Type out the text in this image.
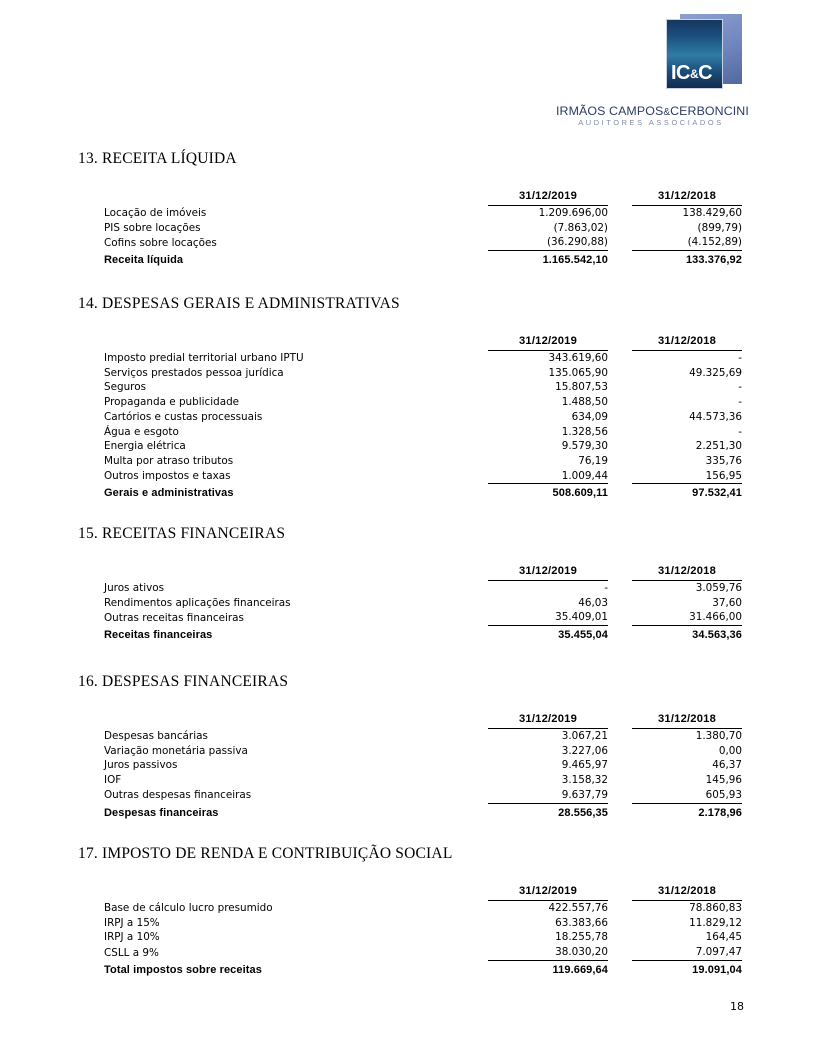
IC&C
IRMÃOS CAMPOS&CERBONCINI
AUDITORES ASSOCIADOS
13. RECEITA LÍQUIDA
	31/12/2019		31/12/2018
Locação de imóveis	1.209.696,00		138.429,60
PIS sobre locações	(7.863,02)		(899,79)
Cofins sobre locações	(36.290,88)		(4.152,89)
Receita líquida	1.165.542,10		133.376,92
14. DESPESAS GERAIS E ADMINISTRATIVAS
	31/12/2019		31/12/2018
Imposto predial territorial urbano IPTU	343.619,60		-
Serviços prestados pessoa jurídica	135.065,90		49.325,69
Seguros	15.807,53		-
Propaganda e publicidade	1.488,50		-
Cartórios e custas processuais	634,09		44.573,36
Água e esgoto	1.328,56		-
Energia elétrica	9.579,30		2.251,30
Multa por atraso tributos	76,19		335,76
Outros impostos e taxas	1.009,44		156,95
Gerais e administrativas	508.609,11		97.532,41
15. RECEITAS FINANCEIRAS
	31/12/2019		31/12/2018
Juros ativos	-		3.059,76
Rendimentos aplicações financeiras	46,03		37,60
Outras receitas financeiras	35.409,01		31.466,00
Receitas financeiras	35.455,04		34.563,36
16. DESPESAS FINANCEIRAS
	31/12/2019		31/12/2018
Despesas bancárias	3.067,21		1.380,70
Variação monetária passiva	3.227,06		0,00
Juros passivos	9.465,97		46,37
IOF	3.158,32		145,96
Outras despesas financeiras	9.637,79		605,93
Despesas financeiras	28.556,35		2.178,96
17. IMPOSTO DE RENDA E CONTRIBUIÇÃO SOCIAL
	31/12/2019		31/12/2018
Base de cálculo lucro presumido	422.557,76		78.860,83
IRPJ a 15%	63.383,66		11.829,12
IRPJ a 10%	18.255,78		164,45
CSLL a 9%	38.030,20		7.097,47
Total impostos sobre receitas	119.669,64		19.091,04
18
